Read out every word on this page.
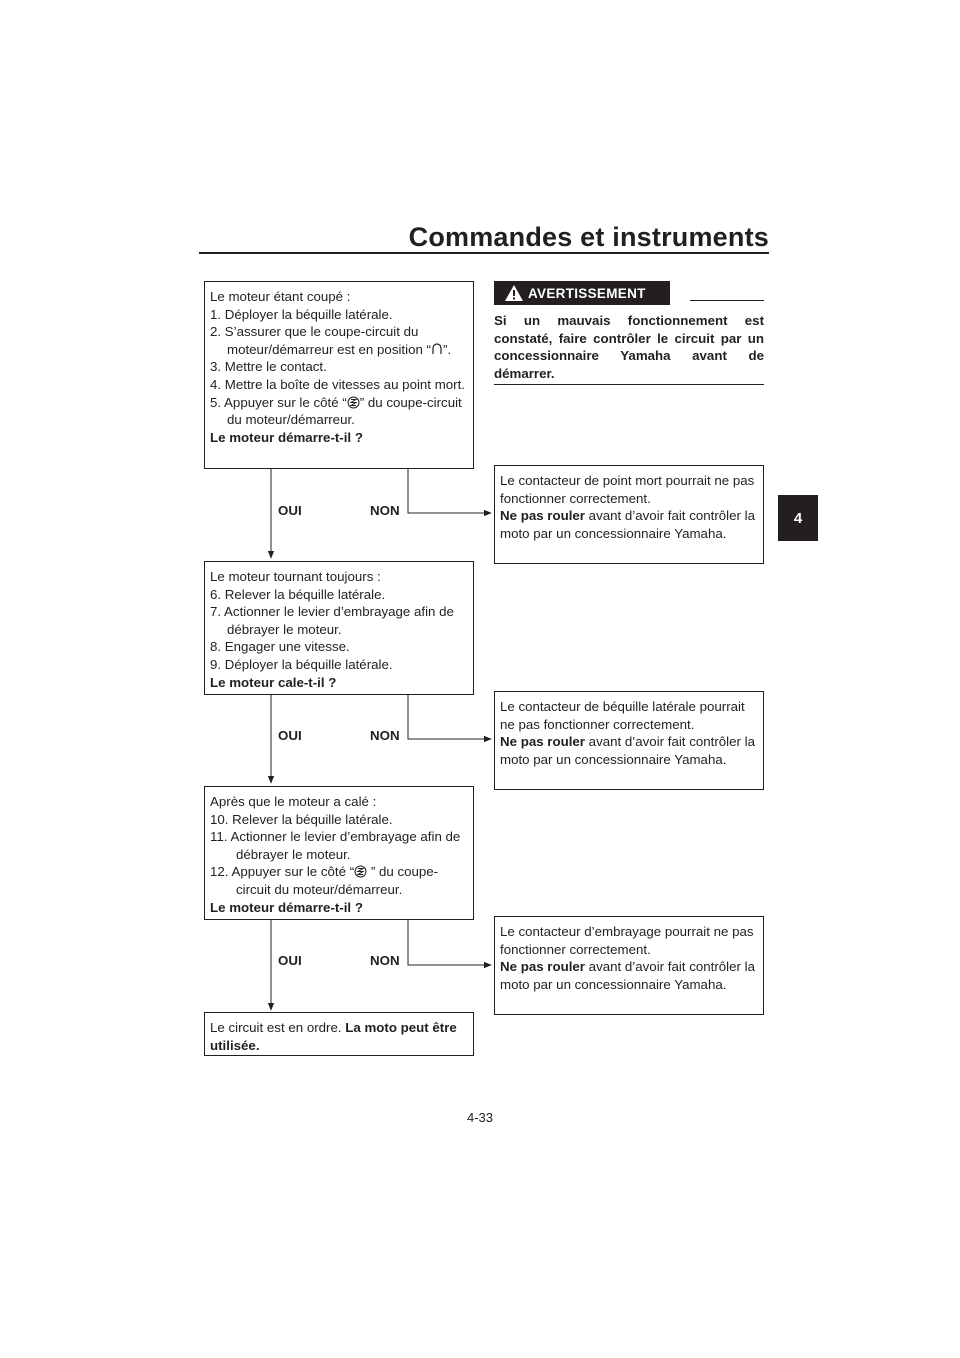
Commandes et instruments
4

Le moteur étant coupé :

1. Déployer la béquille latérale.

2. S’assurer que le coupe-circuit du moteur/démarreur est en position “ ”.

3. Mettre le contact.

4. Mettre la boîte de vitesses au point mort.

5. Appuyer sur le côté “ ” du coupe-circuit du moteur/démarreur.

Le moteur démarre-t-il ?

OUI	NON

Le moteur tournant toujours :

6. Relever la béquille latérale.

7. Actionner le levier d’embrayage afin de débrayer le moteur.

8. Engager une vitesse.

9. Déployer la béquille latérale.

Le moteur cale-t-il ?

OUI	NON

Après que le moteur a calé :

10. Relever la béquille latérale.

11. Actionner le levier d’embrayage afin de débrayer le moteur.

12. Appuyer sur le côté “ ” du coupe-circuit du moteur/démarreur.

Le moteur démarre-t-il ?

OUI	NON

Le circuit est en ordre. La moto peut être utilisée.

Le contacteur de point mort pourrait ne pas fonctionner correctement.

Ne pas rouler avant d’avoir fait contrôler la moto par un concessionnaire Yamaha.

Le contacteur de béquille latérale pourrait ne pas fonctionner correctement.

Ne pas rouler avant d’avoir fait contrôler la moto par un concessionnaire Yamaha.

Le contacteur d’embrayage pourrait ne pas fonctionner correctement.

Ne pas rouler avant d’avoir fait contrôler la moto par un concessionnaire Yamaha.

AVERTISSEMENT
Si un mauvais fonctionnement est constaté, faire contrôler le circuit par un concessionnaire Yamaha avant de démarrer.
4-33
